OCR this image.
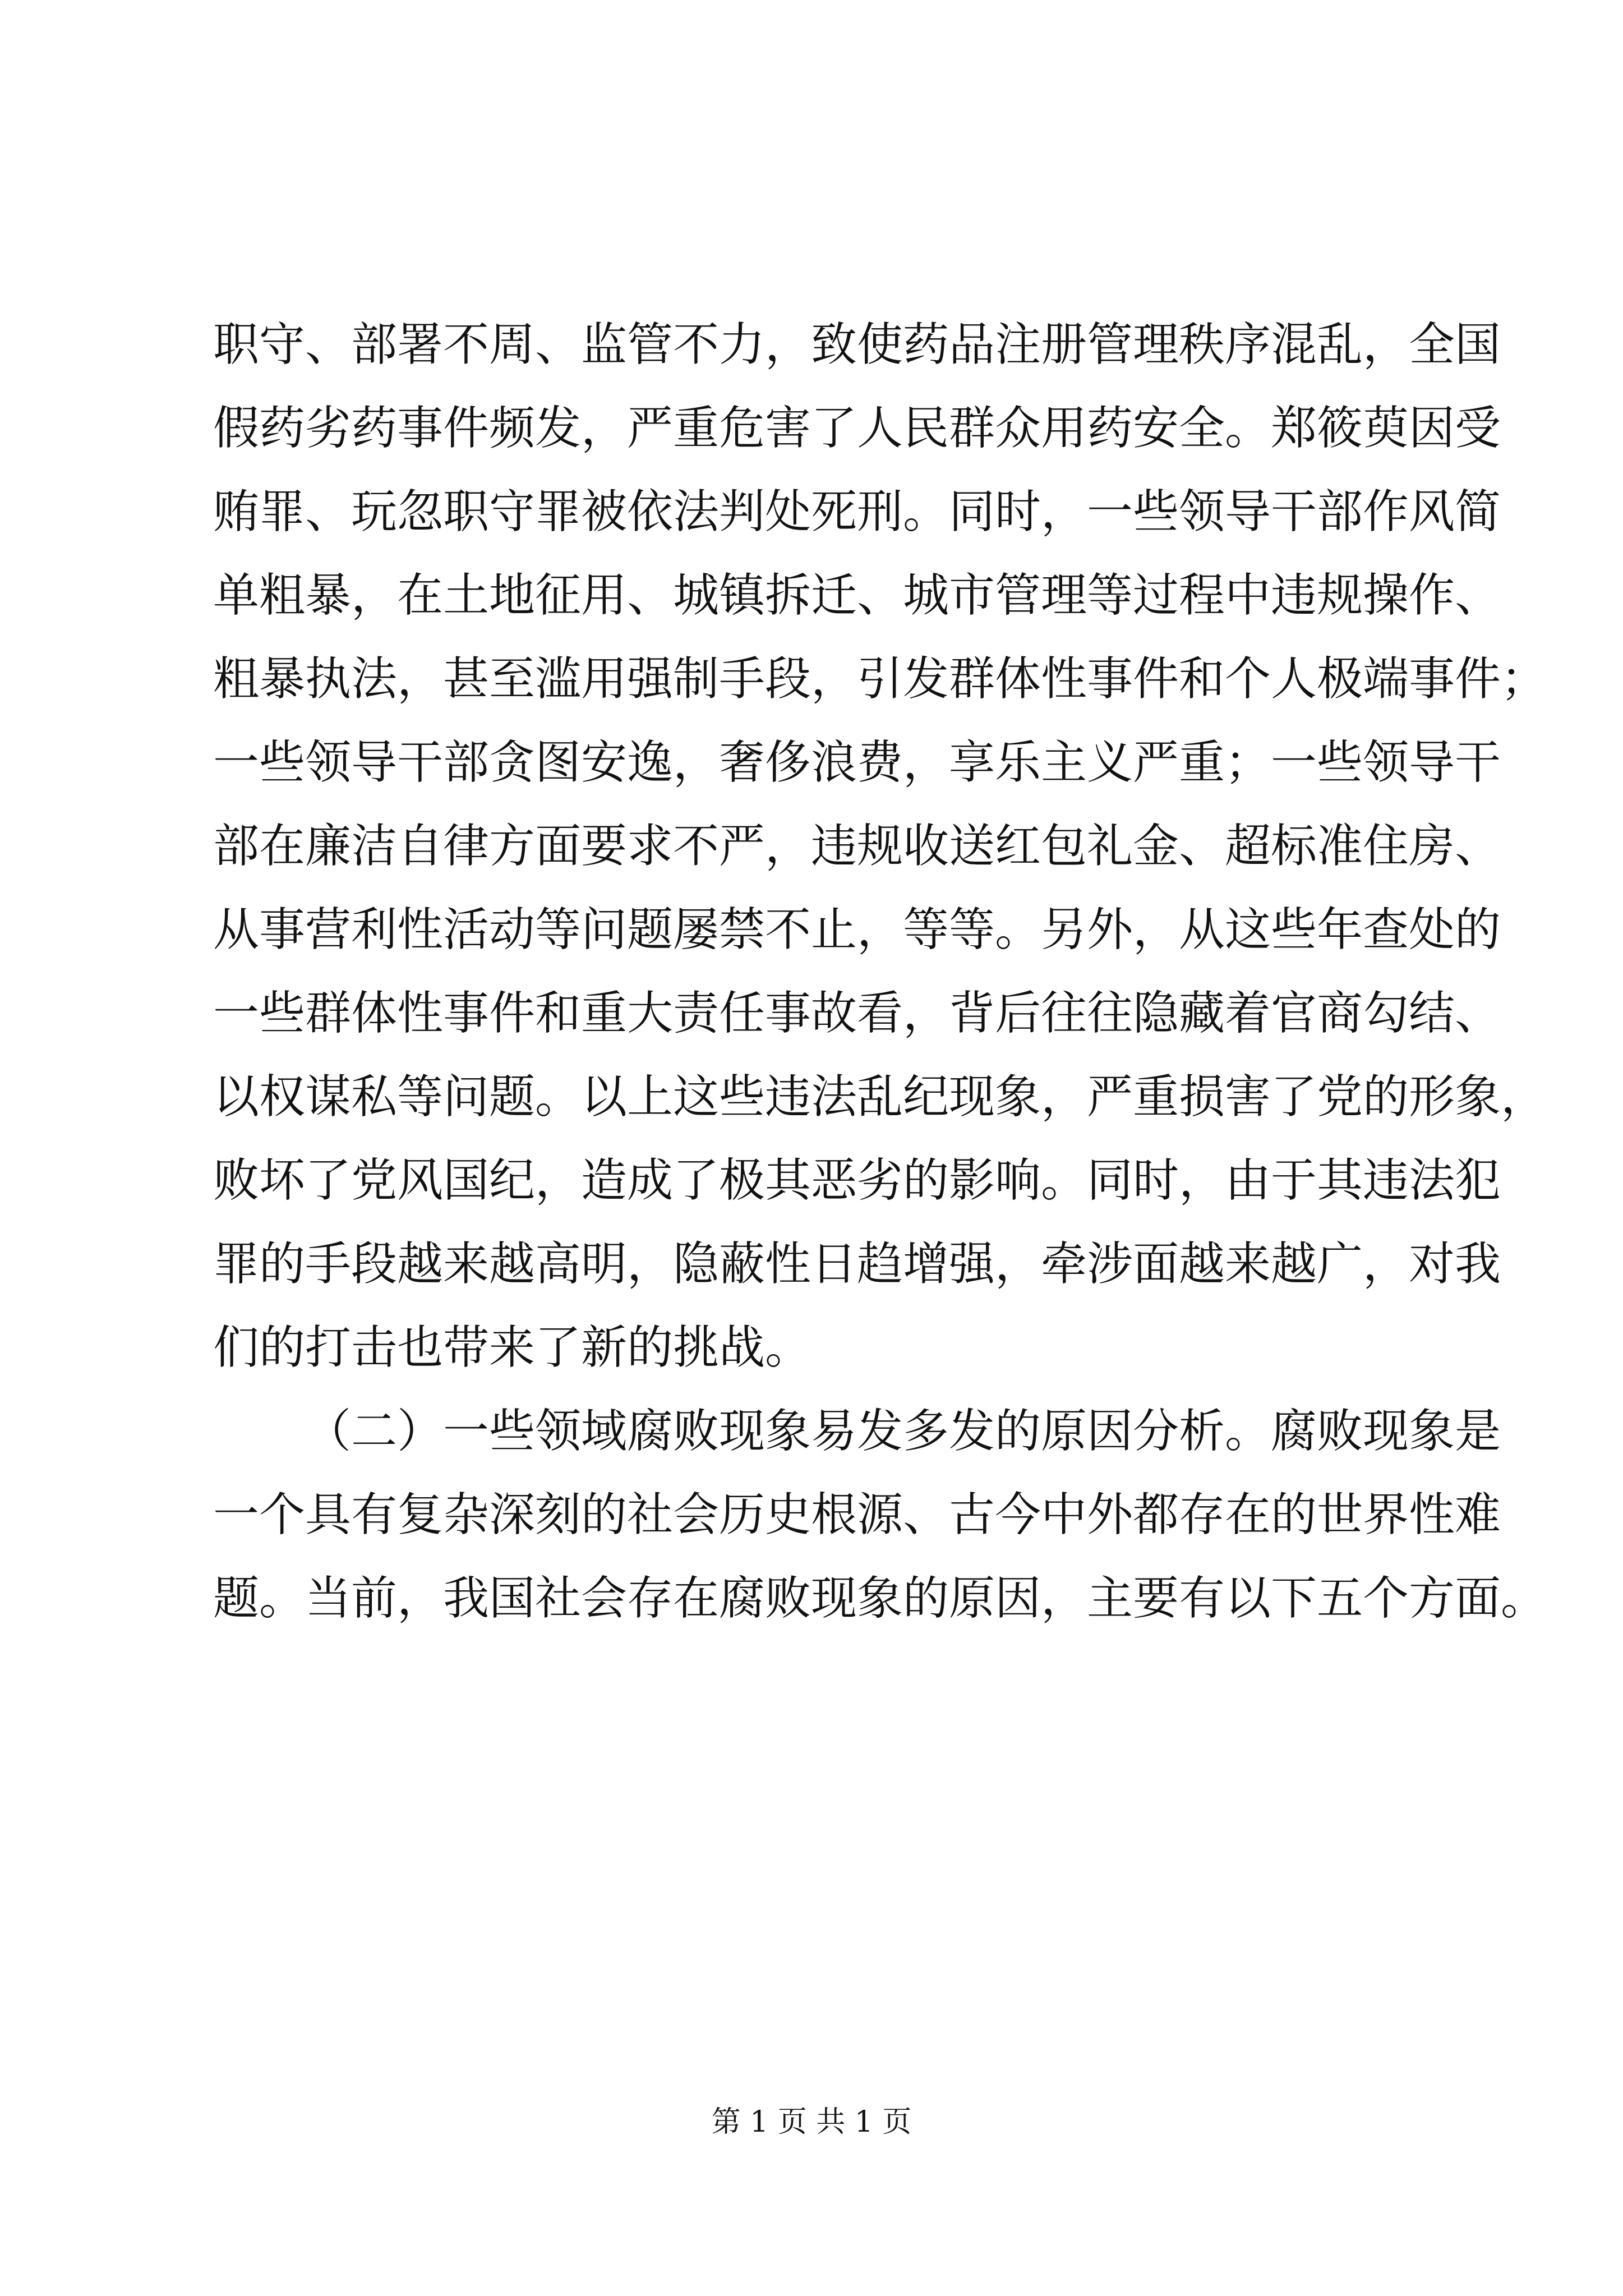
职守、部署不周、监管不力，致使药品注册管理秩序混乱，全国
假药劣药事件频发，严重危害了人民群众用药安全。郑筱萸因受
贿罪、玩忽职守罪被依法判处死刑。同时，一些领导干部作风简
单粗暴，在土地征用、城镇拆迁、城市管理等过程中违规操作、
粗暴执法，甚至滥用强制手段，引发群体性事件和个人极端事件；
一些领导干部贪图安逸，奢侈浪费，享乐主义严重；一些领导干
部在廉洁自律方面要求不严，违规收送红包礼金、超标准住房、
从事营利性活动等问题屡禁不止，等等。另外，从这些年查处的
一些群体性事件和重大责任事故看，背后往往隐藏着官商勾结、
以权谋私等问题。以上这些违法乱纪现象，严重损害了党的形象，
败坏了党风国纪，造成了极其恶劣的影响。同时，由于其违法犯
罪的手段越来越高明，隐蔽性日趋增强，牵涉面越来越广，对我
们的打击也带来了新的挑战。
（二）一些领域腐败现象易发多发的原因分析。腐败现象是
一个具有复杂深刻的社会历史根源、古今中外都存在的世界性难
题。当前，我国社会存在腐败现象的原因，主要有以下五个方面。
第 1 页 共 1 页
